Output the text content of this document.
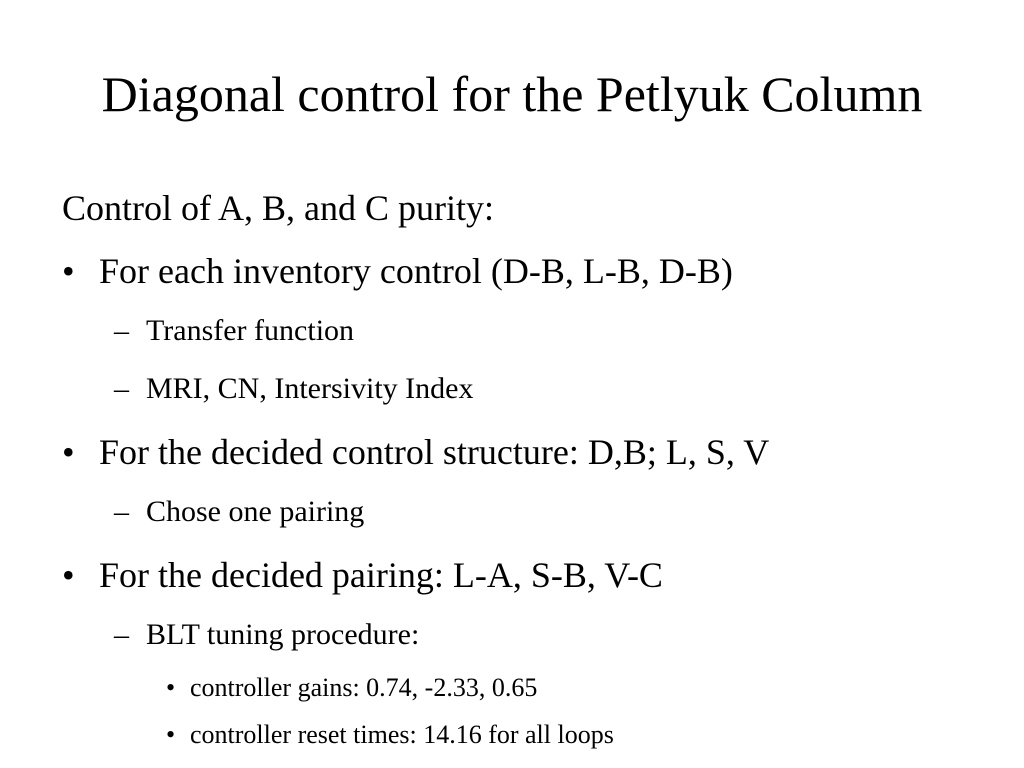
Diagonal control for the Petlyuk Column
Control of A, B, and C purity:
• For each inventory control (D-B, L-B, D-B)
– Transfer function
– MRI, CN, Intersivity Index
• For the decided control structure: D,B; L, S, V
– Chose one pairing
• For the decided pairing: L-A, S-B, V-C
– BLT tuning procedure:
• controller gains: 0.74, -2.33, 0.65
• controller reset times: 14.16 for all loops
